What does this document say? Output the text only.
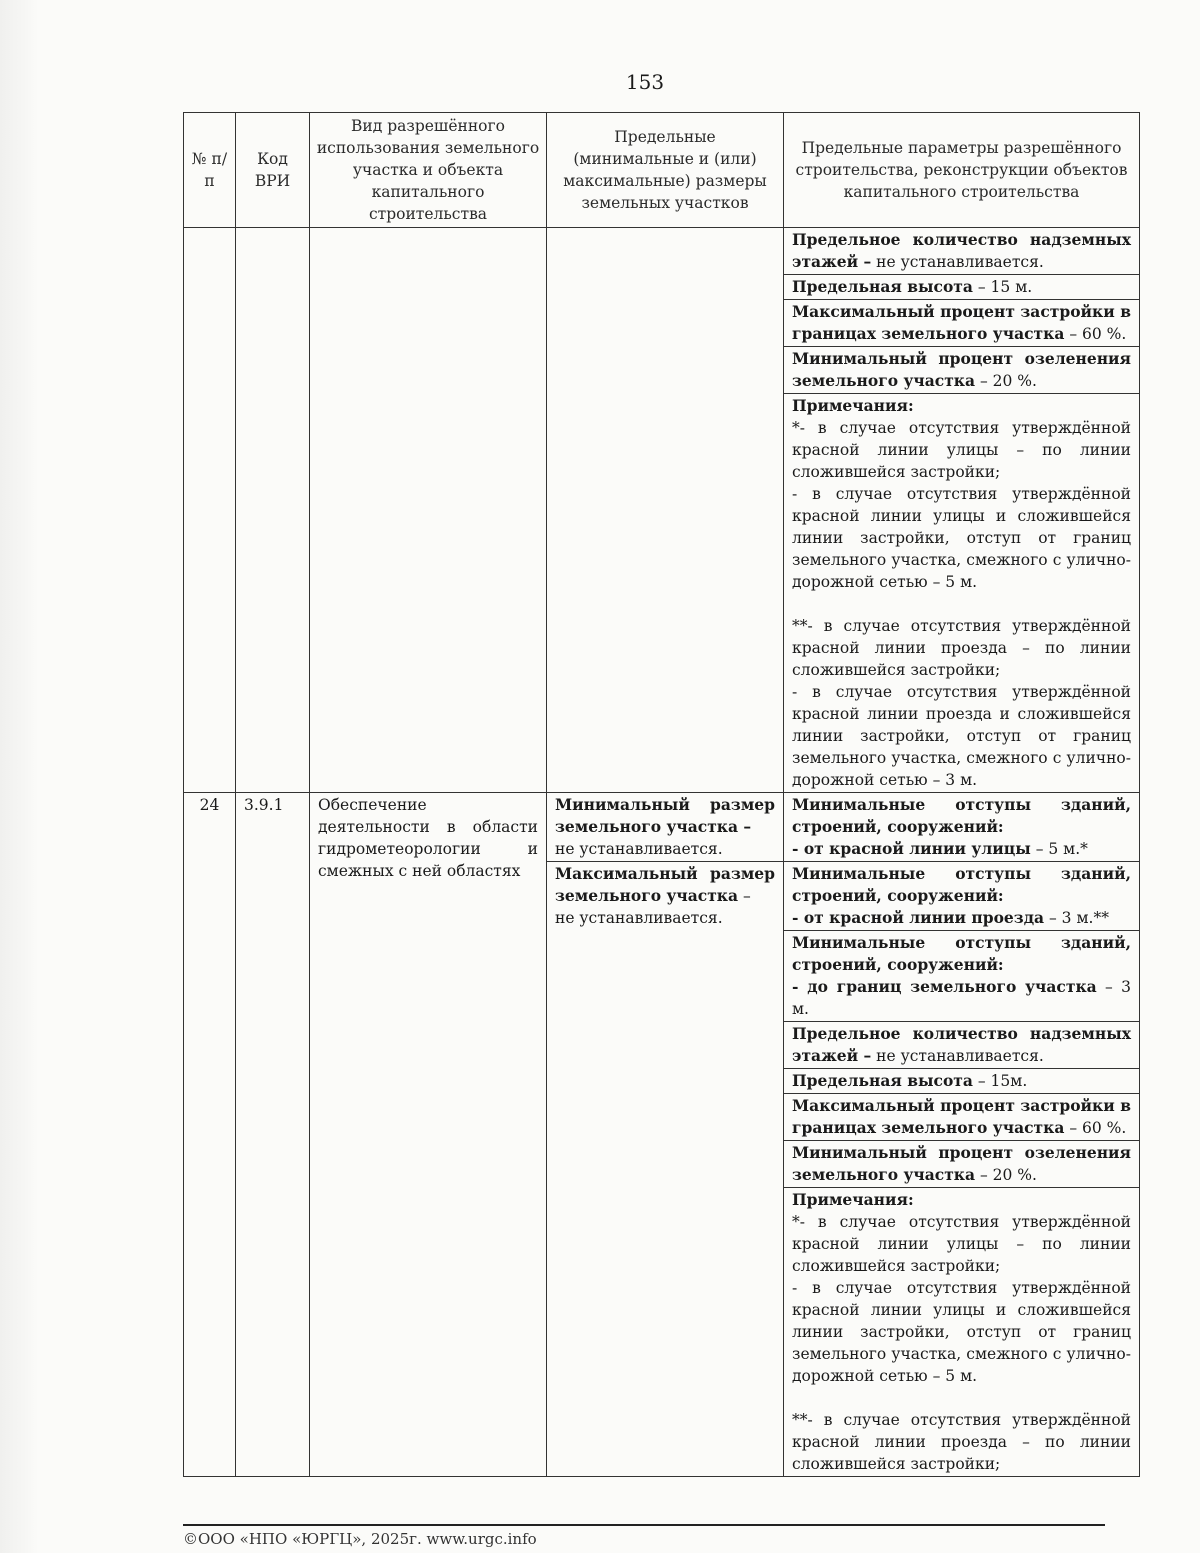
153
№ п/п	Код ВРИ	Вид разрешённого использования земельного участка и объекта капитального строительства	Предельные (минимальные и (или) максимальные) размеры земельных участков	Предельные параметры разрешённого строительства, реконструкции объектов капитального строительства
				Предельное количество надземных этажей – не устанавливается.
				Предельная высота – 15 м.
				Максимальный процент застройки в границах земельного участка – 60 %.
				Минимальный процент озеленения земельного участка – 20 %.

				Примечания:

*- в случае отсутствия утверждённой красной линии улицы – по линии сложившейся застройки;

- в случае отсутствия утверждённой красной линии улицы и сложившейся линии застройки, отступ от границ земельного участка, смежного с улично-дорожной сетью – 5 м.

**- в случае отсутствия утверждённой красной линии проезда – по линии сложившейся застройки;

- в случае отсутствия утверждённой красной линии проезда и сложившейся линии застройки, отступ от границ земельного участка, смежного с улично-дорожной сетью – 3 м.

24	3.9.1	Обеспечение деятельности в области гидрометеорологии и смежных с ней областях	Минимальный размер земельного участка –
не устанавливается.	Минимальные отступы зданий, строений, сооружений:
- от красной линии улицы – 5 м.*
			Максимальный размер земельного участка –
не устанавливается.	Минимальные отступы зданий, строений, сооружений:
- от красной линии проезда – 3 м.**
				Минимальные отступы зданий, строений, сооружений:
- до границ земельного участка – 3 м.
				Предельное количество надземных этажей – не устанавливается.
				Предельная высота – 15м.
				Максимальный процент застройки в границах земельного участка – 60 %.
				Минимальный процент озеленения земельного участка – 20 %.

				Примечания:

*- в случае отсутствия утверждённой красной линии улицы – по линии сложившейся застройки;

- в случае отсутствия утверждённой красной линии улицы и сложившейся линии застройки, отступ от границ земельного участка, смежного с улично-дорожной сетью – 5 м.

**- в случае отсутствия утверждённой красной линии проезда – по линии сложившейся застройки;

©ООО «НПО «ЮРГЦ», 2025г. www.urgc.info
